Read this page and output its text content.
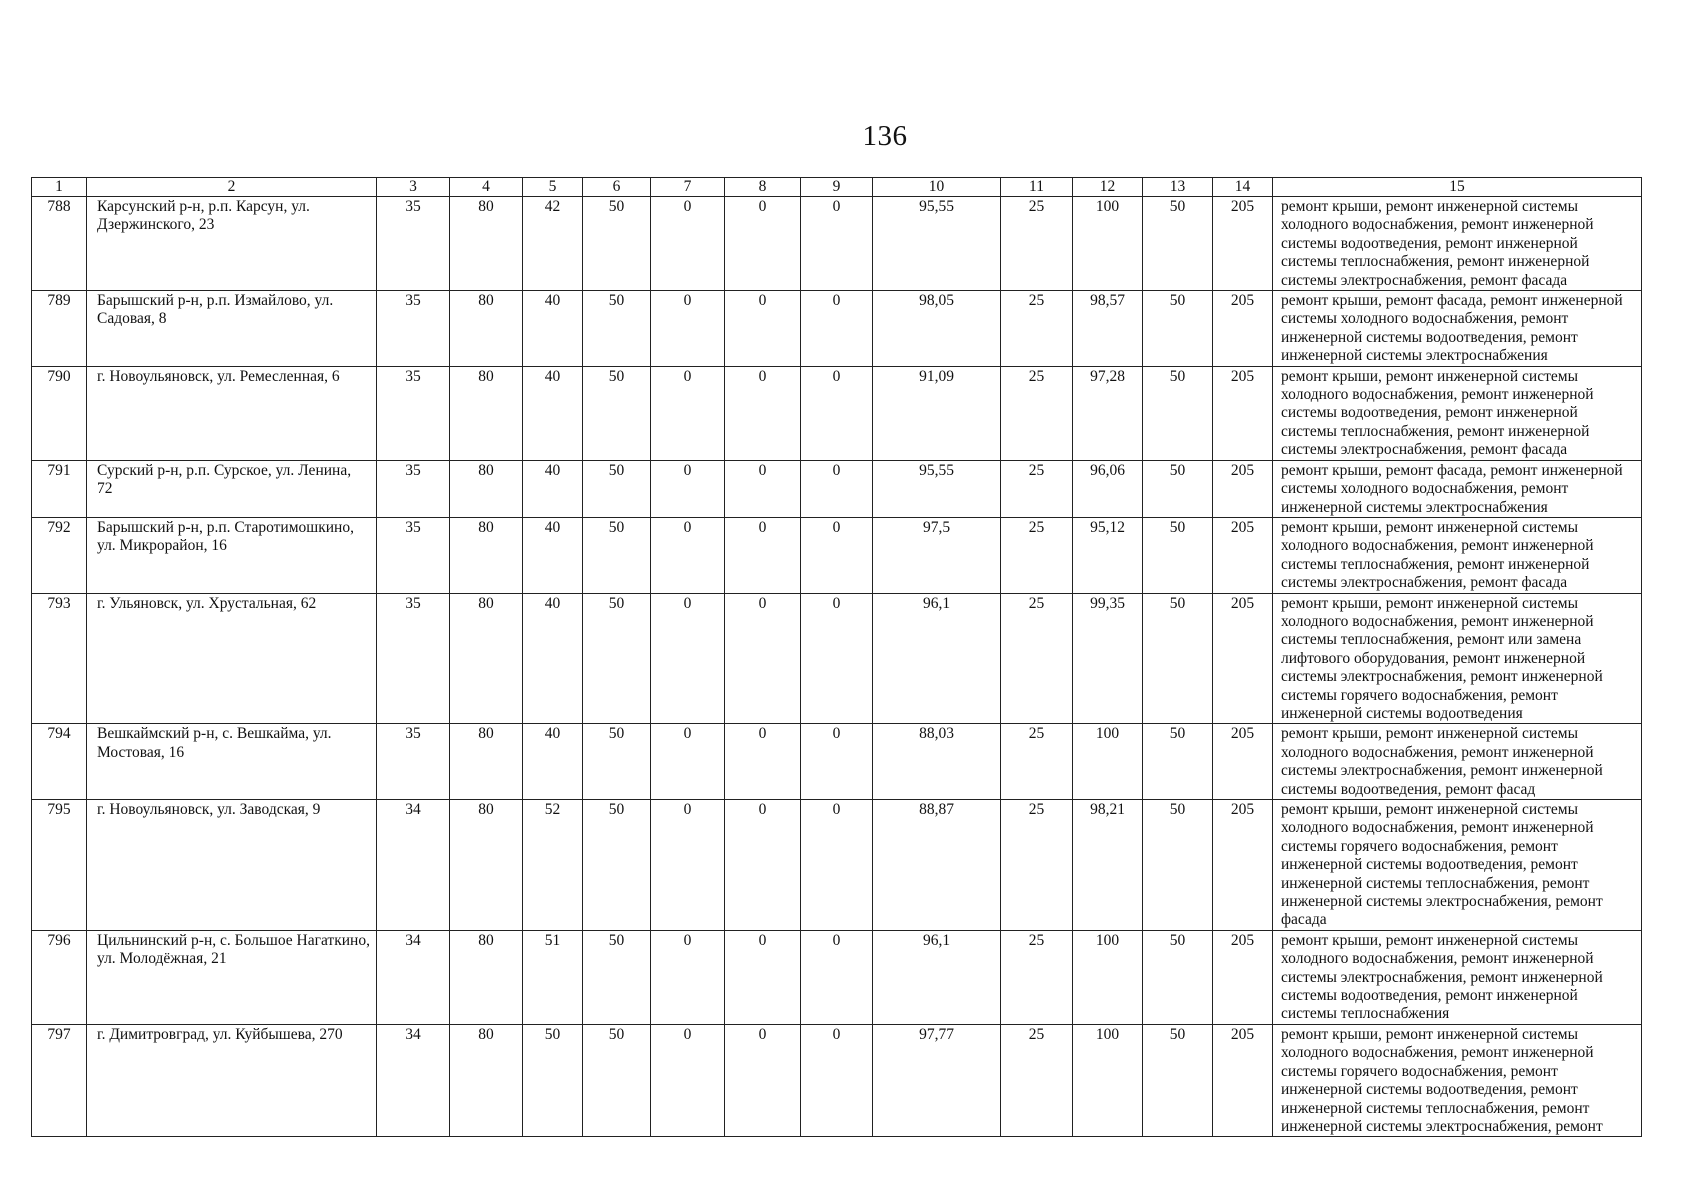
136
1	2	3	4	5	6	7	8	9	10	11	12	13	14	15
788	Карсунский р-н, р.п. Карсун, ул. Дзержинского, 23	35	80	42	50	0	0	0	95,55	25	100	50	205	ремонт крыши, ремонт инженерной системы холодного водоснабжения, ремонт инженерной системы водоотведения, ремонт инженерной системы теплоснабжения, ремонт инженерной системы электроснабжения, ремонт фасада
789	Барышский р-н, р.п. Измайлово, ул. Садовая, 8	35	80	40	50	0	0	0	98,05	25	98,57	50	205	ремонт крыши, ремонт фасада, ремонт инженерной системы холодного водоснабжения, ремонт инженерной системы водоотведения, ремонт инженерной системы электроснабжения
790	г. Новоульяновск, ул. Ремесленная, 6	35	80	40	50	0	0	0	91,09	25	97,28	50	205	ремонт крыши, ремонт инженерной системы холодного водоснабжения, ремонт инженерной системы водоотведения, ремонт инженерной системы теплоснабжения, ремонт инженерной системы электроснабжения, ремонт фасада
791	Сурский р-н, р.п. Сурское, ул. Ленина, 72	35	80	40	50	0	0	0	95,55	25	96,06	50	205	ремонт крыши, ремонт фасада, ремонт инженерной системы холодного водоснабжения, ремонт инженерной системы электроснабжения
792	Барышский р-н, р.п. Старотимошкино, ул. Микрорайон, 16	35	80	40	50	0	0	0	97,5	25	95,12	50	205	ремонт крыши, ремонт инженерной системы холодного водоснабжения, ремонт инженерной системы теплоснабжения, ремонт инженерной системы электроснабжения, ремонт фасада
793	г. Ульяновск, ул. Хрустальная, 62	35	80	40	50	0	0	0	96,1	25	99,35	50	205	ремонт крыши, ремонт инженерной системы холодного водоснабжения, ремонт инженерной системы теплоснабжения, ремонт или замена лифтового оборудования, ремонт инженерной системы электроснабжения, ремонт инженерной системы горячего водоснабжения, ремонт инженерной системы водоотведения
794	Вешкаймский р-н, с. Вешкайма, ул. Мостовая, 16	35	80	40	50	0	0	0	88,03	25	100	50	205	ремонт крыши, ремонт инженерной системы холодного водоснабжения, ремонт инженерной системы электроснабжения, ремонт инженерной системы водоотведения, ремонт фасад
795	г. Новоульяновск, ул. Заводская, 9	34	80	52	50	0	0	0	88,87	25	98,21	50	205	ремонт крыши, ремонт инженерной системы холодного водоснабжения, ремонт инженерной системы горячего водоснабжения, ремонт инженерной системы водоотведения, ремонт инженерной системы теплоснабжения, ремонт инженерной системы электроснабжения, ремонт фасада
796	Цильнинский р-н, с. Большое Нагаткино, ул. Молодёжная, 21	34	80	51	50	0	0	0	96,1	25	100	50	205	ремонт крыши, ремонт инженерной системы холодного водоснабжения, ремонт инженерной системы электроснабжения, ремонт инженерной системы водоотведения, ремонт инженерной системы теплоснабжения
797	г. Димитровград, ул. Куйбышева, 270	34	80	50	50	0	0	0	97,77	25	100	50	205	ремонт крыши, ремонт инженерной системы холодного водоснабжения, ремонт инженерной системы горячего водоснабжения, ремонт инженерной системы водоотведения, ремонт инженерной системы теплоснабжения, ремонт инженерной системы электроснабжения, ремонт
